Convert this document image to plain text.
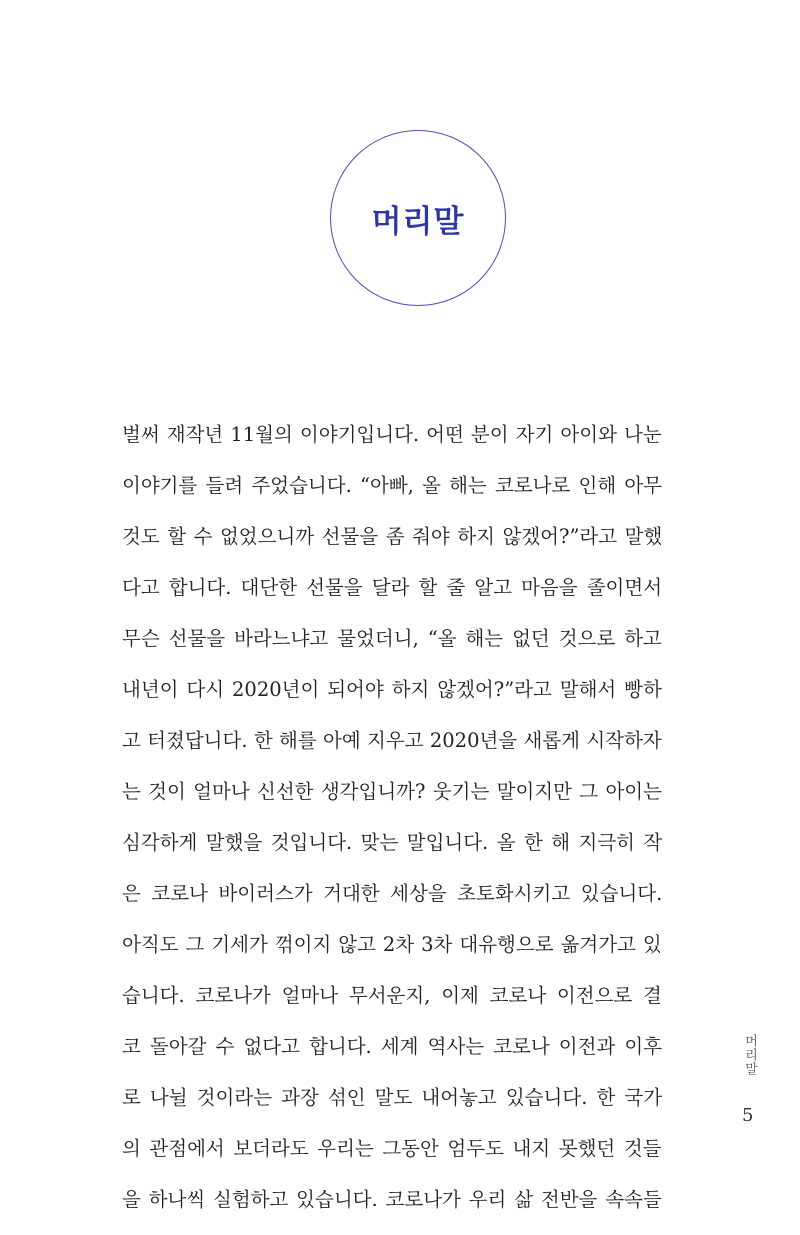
머리말
벌써 재작년 11월의 이야기입니다. 어떤 분이 자기 아이와 나눈
이야기를 들려 주었습니다. “아빠, 올 해는 코로나로 인해 아무
것도 할 수 없었으니까 선물을 좀 줘야 하지 않겠어?”라고 말했
다고 합니다. 대단한 선물을 달라 할 줄 알고 마음을 졸이면서
무슨 선물을 바라느냐고 물었더니, “올 해는 없던 것으로 하고
내년이 다시 2020년이 되어야 하지 않겠어?”라고 말해서 빵하
고 터졌답니다. 한 해를 아예 지우고 2020년을 새롭게 시작하자
는 것이 얼마나 신선한 생각입니까? 웃기는 말이지만 그 아이는
심각하게 말했을 것입니다. 맞는 말입니다. 올 한 해 지극히 작
은 코로나 바이러스가 거대한 세상을 초토화시키고 있습니다.
아직도 그 기세가 꺾이지 않고 2차 3차 대유행으로 옮겨가고 있
습니다. 코로나가 얼마나 무서운지, 이제 코로나 이전으로 결
코 돌아갈 수 없다고 합니다. 세계 역사는 코로나 이전과 이후
로 나뉠 것이라는 과장 섞인 말도 내어놓고 있습니다. 한 국가
의 관점에서 보더라도 우리는 그동안 엄두도 내지 못했던 것들
을 하나씩 실험하고 있습니다. 코로나가 우리 삶 전반을 속속들
머리말
5
